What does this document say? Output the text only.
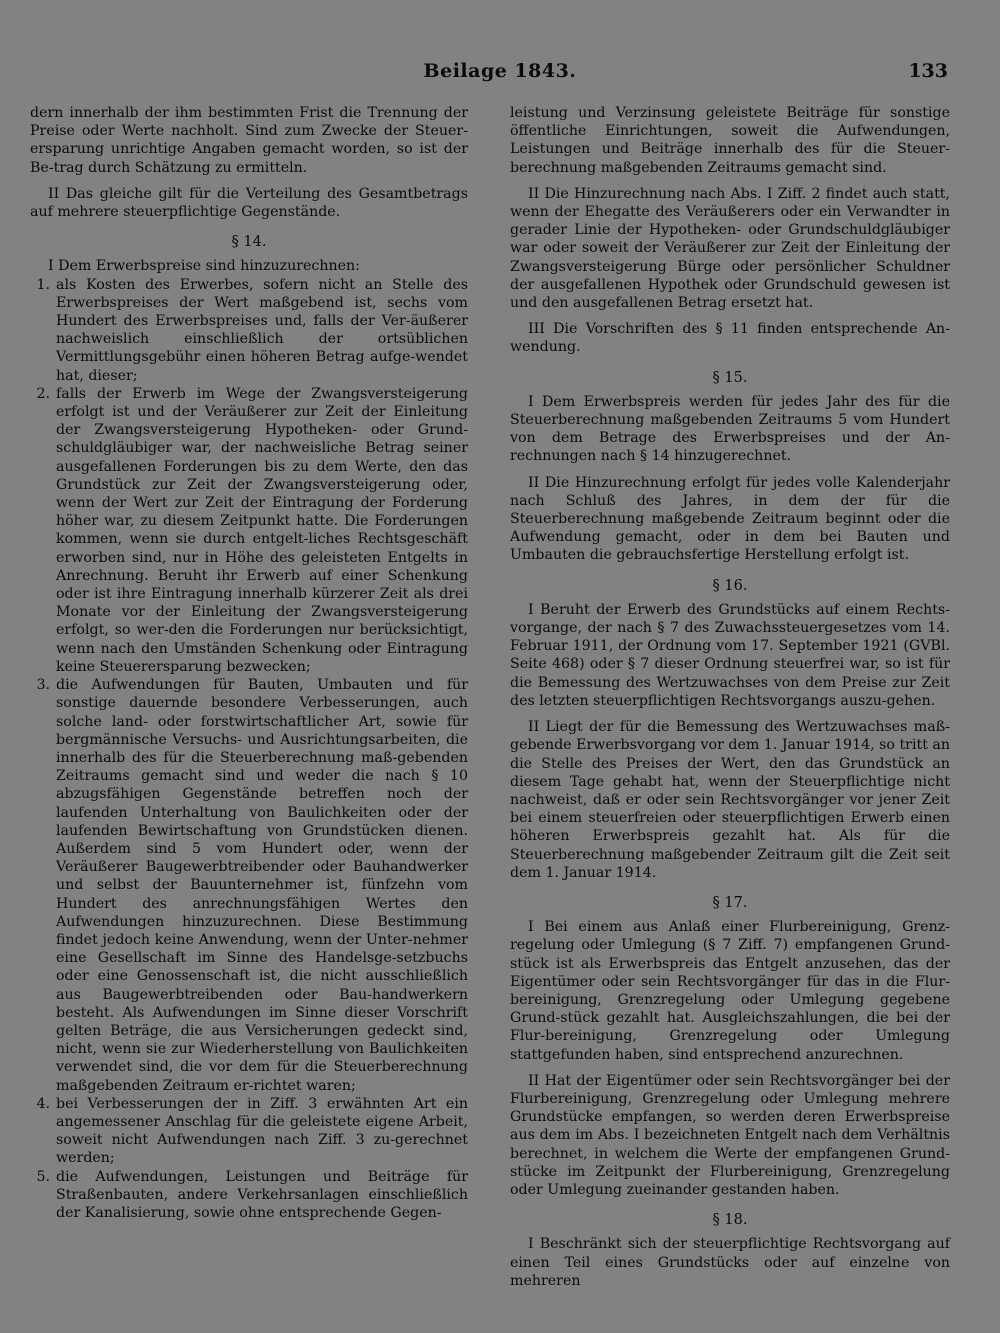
Beilage 1843.	133

dern innerhalb der ihm bestimmten Frist die Trennung der Preise oder Werte nachholt. Sind zum Zwecke der Steuer-ersparung unrichtige Angaben gemacht worden, so ist der Be-trag durch Schätzung zu ermitteln.

II Das gleiche gilt für die Verteilung des Gesamtbetrags auf mehrere steuerpflichtige Gegenstände.

§ 14.

I Dem Erwerbspreise sind hinzuzurechnen:

1. als Kosten des Erwerbes, sofern nicht an Stelle des Erwerbspreises der Wert maßgebend ist, sechs vom Hundert des Erwerbspreises und, falls der Ver-äußerer nachweislich einschließlich der ortsüblichen Vermittlungsgebühr einen höheren Betrag aufge-wendet hat, dieser;
2. falls der Erwerb im Wege der Zwangsversteigerung erfolgt ist und der Veräußerer zur Zeit der Einleitung der Zwangsversteigerung Hypotheken- oder Grund-schuldgläubiger war, der nachweisliche Betrag seiner ausgefallenen Forderungen bis zu dem Werte, den das Grundstück zur Zeit der Zwangsversteigerung oder, wenn der Wert zur Zeit der Eintragung der Forderung höher war, zu diesem Zeitpunkt hatte. Die Forderungen kommen, wenn sie durch entgelt-liches Rechtsgeschäft erworben sind, nur in Höhe des geleisteten Entgelts in Anrechnung. Beruht ihr Erwerb auf einer Schenkung oder ist ihre Eintragung innerhalb kürzerer Zeit als drei Monate vor der Einleitung der Zwangsversteigerung erfolgt, so wer-den die Forderungen nur berücksichtigt, wenn nach den Umständen Schenkung oder Eintragung keine Steuerersparung bezwecken;
3. die Aufwendungen für Bauten, Umbauten und für sonstige dauernde besondere Verbesserungen, auch solche land- oder forstwirtschaftlicher Art, sowie für bergmännische Versuchs- und Ausrichtungsarbeiten, die innerhalb des für die Steuerberechnung maß-gebenden Zeitraums gemacht sind und weder die nach § 10 abzugsfähigen Gegenstände betreffen noch der laufenden Unterhaltung von Baulichkeiten oder der laufenden Bewirtschaftung von Grundstücken dienen. Außerdem sind 5 vom Hundert oder, wenn der Veräußerer Baugewerbtreibender oder Bauhandwerker und selbst der Bauunternehmer ist, fünfzehn vom Hundert des anrechnungsfähigen Wertes den Aufwendungen hinzuzurechnen. Diese Bestimmung findet jedoch keine Anwendung, wenn der Unter-nehmer eine Gesellschaft im Sinne des Handelsge-setzbuchs oder eine Genossenschaft ist, die nicht ausschließlich aus Baugewerbtreibenden oder Bau-handwerkern besteht. Als Aufwendungen im Sinne dieser Vorschrift gelten Beträge, die aus Versicherungen gedeckt sind, nicht, wenn sie zur Wiederherstellung von Baulichkeiten verwendet sind, die vor dem für die Steuerberechnung maßgebenden Zeitraum er-richtet waren;
4. bei Verbesserungen der in Ziff. 3 erwähnten Art ein angemessener Anschlag für die geleistete eigene Arbeit, soweit nicht Aufwendungen nach Ziff. 3 zu-gerechnet werden;
5. die Aufwendungen, Leistungen und Beiträge für Straßenbauten, andere Verkehrsanlagen einschließlich der Kanalisierung, sowie ohne entsprechende Gegen-

leistung und Verzinsung geleistete Beiträge für sonstige öffentliche Einrichtungen, soweit die Aufwendungen, Leistungen und Beiträge innerhalb des für die Steuer-berechnung maßgebenden Zeitraums gemacht sind.

II Die Hinzurechnung nach Abs. I Ziff. 2 findet auch statt, wenn der Ehegatte des Veräußerers oder ein Verwandter in gerader Linie der Hypotheken- oder Grundschuldgläubiger war oder soweit der Veräußerer zur Zeit der Einleitung der Zwangsversteigerung Bürge oder persönlicher Schuldner der ausgefallenen Hypothek oder Grundschuld gewesen ist und den ausgefallenen Betrag ersetzt hat.

III Die Vorschriften des § 11 finden entsprechende An-wendung.

§ 15.

I Dem Erwerbspreis werden für jedes Jahr des für die Steuerberechnung maßgebenden Zeitraums 5 vom Hundert von dem Betrage des Erwerbspreises und der An-rechnungen nach § 14 hinzugerechnet.

II Die Hinzurechnung erfolgt für jedes volle Kalenderjahr nach Schluß des Jahres, in dem der für die Steuerberechnung maßgebende Zeitraum beginnt oder die Aufwendung gemacht, oder in dem bei Bauten und Umbauten die gebrauchsfertige Herstellung erfolgt ist.

§ 16.

I Beruht der Erwerb des Grundstücks auf einem Rechts-vorgange, der nach § 7 des Zuwachssteuergesetzes vom 14. Februar 1911, der Ordnung vom 17. September 1921 (GVBl. Seite 468) oder § 7 dieser Ordnung steuerfrei war, so ist für die Bemessung des Wertzuwachses von dem Preise zur Zeit des letzten steuerpflichtigen Rechtsvorgangs auszu-gehen.

II Liegt der für die Bemessung des Wertzuwachses maß-gebende Erwerbsvorgang vor dem 1. Januar 1914, so tritt an die Stelle des Preises der Wert, den das Grundstück an diesem Tage gehabt hat, wenn der Steuerpflichtige nicht nachweist, daß er oder sein Rechtsvorgänger vor jener Zeit bei einem steuerfreien oder steuerpflichtigen Erwerb einen höheren Erwerbspreis gezahlt hat. Als für die Steuerberechnung maßgebender Zeitraum gilt die Zeit seit dem 1. Januar 1914.

§ 17.

I Bei einem aus Anlaß einer Flurbereinigung, Grenz-regelung oder Umlegung (§ 7 Ziff. 7) empfangenen Grund-stück ist als Erwerbspreis das Entgelt anzusehen, das der Eigentümer oder sein Rechtsvorgänger für das in die Flur-bereinigung, Grenzregelung oder Umlegung gegebene Grund-stück gezahlt hat. Ausgleichszahlungen, die bei der Flur-bereinigung, Grenzregelung oder Umlegung stattgefunden haben, sind entsprechend anzurechnen.

II Hat der Eigentümer oder sein Rechtsvorgänger bei der Flurbereinigung, Grenzregelung oder Umlegung mehrere Grundstücke empfangen, so werden deren Erwerbspreise aus dem im Abs. I bezeichneten Entgelt nach dem Verhältnis berechnet, in welchem die Werte der empfangenen Grund-stücke im Zeitpunkt der Flurbereinigung, Grenzregelung oder Umlegung zueinander gestanden haben.

§ 18.

I Beschränkt sich der steuerpflichtige Rechtsvorgang auf einen Teil eines Grundstücks oder auf einzelne von mehreren
